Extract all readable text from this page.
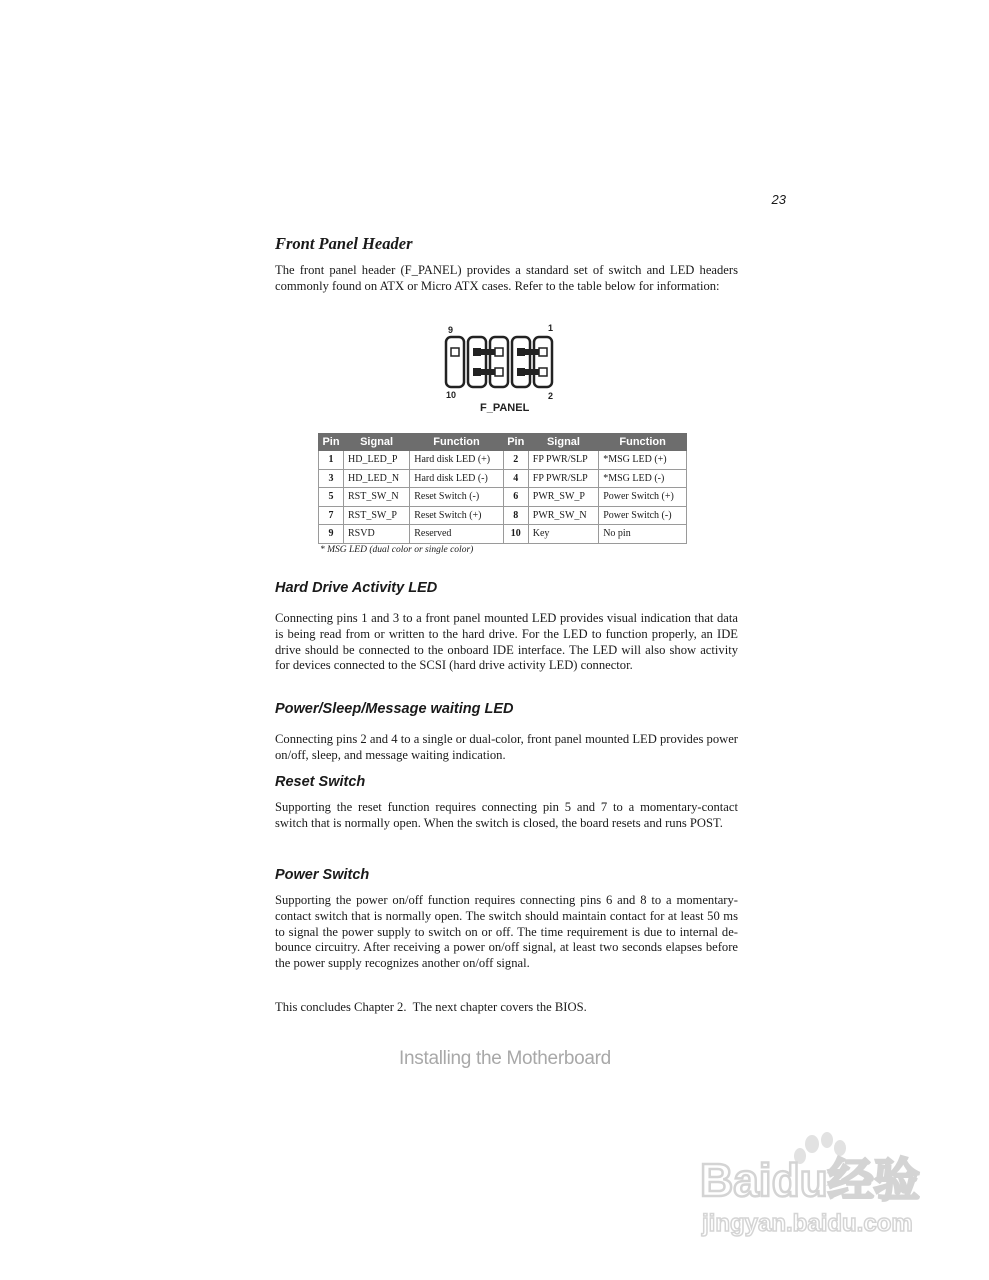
23
Front Panel Header
The front panel header (F_PANEL) provides a standard set of switch and LED headers commonly found on ATX or Micro ATX cases. Refer to the table below for information:
9	1
10	2
F_PANEL
Pin	Signal	Function	Pin	Signal	Function
1	HD_LED_P	Hard disk LED (+)	2	FP PWR/SLP	*MSG LED (+)
3	HD_LED_N	Hard disk LED (-)	4	FP PWR/SLP	*MSG LED (-)
5	RST_SW_N	Reset Switch (-)	6	PWR_SW_P	Power Switch (+)
7	RST_SW_P	Reset Switch (+)	8	PWR_SW_N	Power Switch (-)
9	RSVD	Reserved	10	Key	No pin
* MSG LED (dual color or single color)
Hard Drive Activity LED
Connecting pins 1 and 3 to a front panel mounted LED provides visual indication that data is being read from or written to the hard drive. For the LED to function properly, an IDE drive should be connected to the onboard IDE interface. The LED will also show activity for devices connected to the SCSI (hard drive activity LED) connector.
Power/Sleep/Message waiting LED
Connecting pins 2 and 4 to a single or dual-color, front panel mounted LED provides power on/off, sleep, and message waiting indication.
Reset Switch
Supporting the reset function requires connecting pin 5 and 7 to a momentary-contact switch that is normally open. When the switch is closed, the board resets and runs POST.
Power Switch
Supporting the power on/off function requires connecting pins 6 and 8 to a momentary-contact switch that is normally open. The switch should maintain contact for at least 50 ms to signal the power supply to switch on or off. The time requirement is due to internal de-bounce circuitry. After receiving a power on/off signal, at least two seconds elapses before the power supply recognizes another on/off signal.
This concludes Chapter 2.  The next chapter covers the BIOS.
Installing the Motherboard
Baidu经验
jingyan.baidu.com
